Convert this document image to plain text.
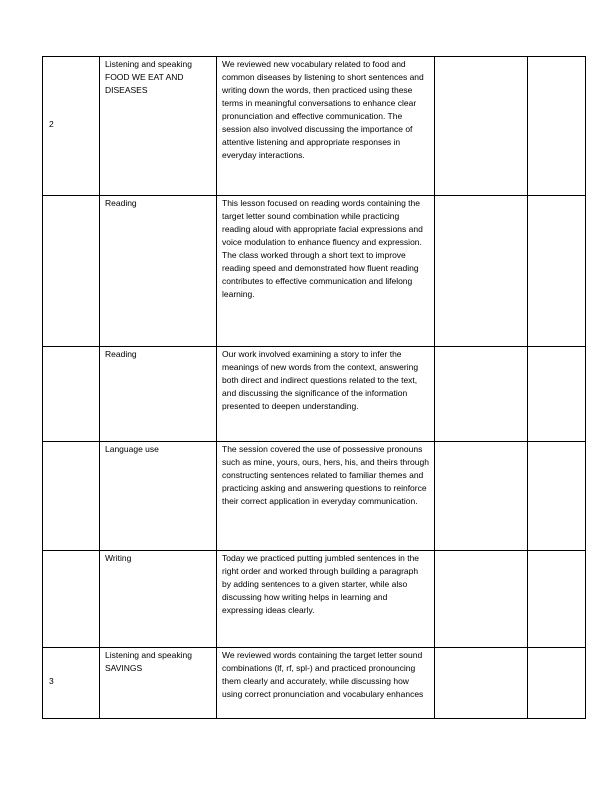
2	Listening and speaking FOOD WE EAT AND DISEASES	We reviewed new vocabulary related to food and common diseases by listening to short sentences and writing down the words, then practiced using these terms in meaningful conversations to enhance clear pronunciation and effective communication. The session also involved discussing the importance of attentive listening and appropriate responses in everyday interactions.		
	Reading	This lesson focused on reading words containing the target letter sound combination while practicing reading aloud with appropriate facial expressions and voice modulation to enhance fluency and expression. The class worked through a short text to improve reading speed and demonstrated how fluent reading contributes to effective communication and lifelong learning.		
	Reading	Our work involved examining a story to infer the meanings of new words from the context, answering both direct and indirect questions related to the text, and discussing the significance of the information presented to deepen understanding.		
	Language use	The session covered the use of possessive pronouns such as mine, yours, ours, hers, his, and theirs through constructing sentences related to familiar themes and practicing asking and answering questions to reinforce their correct application in everyday communication.		
	Writing	Today we practiced putting jumbled sentences in the right order and worked through building a paragraph by adding sentences to a given starter, while also discussing how writing helps in learning and expressing ideas clearly.		
3	Listening and speaking SAVINGS	We reviewed words containing the target letter sound combinations (lf, rf, spl-) and practiced pronouncing them clearly and accurately, while discussing how using correct pronunciation and vocabulary enhances		
